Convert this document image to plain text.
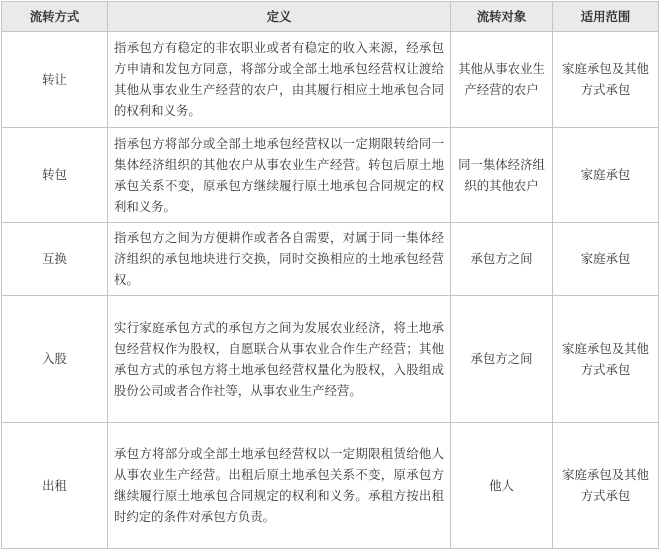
流转方式	定义	流转对象	适用范围
转让	指承包方有稳定的非农职业或者有稳定的收入来源，经承包方申请和发包方同意，将部分或全部土地承包经营权让渡给其他从事农业生产经营的农户，由其履行相应土地承包合同的权利和义务。	其他从事农业生产经营的农户	家庭承包及其他方式承包
转包	指承包方将部分或全部土地承包经营权以一定期限转给同一集体经济组织的其他农户从事农业生产经营。转包后原土地承包关系不变，原承包方继续履行原土地承包合同规定的权利和义务。	同一集体经济组织的其他农户	家庭承包
互换	指承包方之间为方便耕作或者各自需要，对属于同一集体经济组织的承包地块进行交换，同时交换相应的土地承包经营权。	承包方之间	家庭承包
入股	实行家庭承包方式的承包方之间为发展农业经济，将土地承包经营权作为股权，自愿联合从事农业合作生产经营；其他承包方式的承包方将土地承包经营权量化为股权，入股组成股份公司或者合作社等，从事农业生产经营。	承包方之间	家庭承包及其他方式承包
出租	承包方将部分或全部土地承包经营权以一定期限租赁给他人从事农业生产经营。出租后原土地承包关系不变，原承包方继续履行原土地承包合同规定的权利和义务。承租方按出租时约定的条件对承包方负责。	他人	家庭承包及其他方式承包
